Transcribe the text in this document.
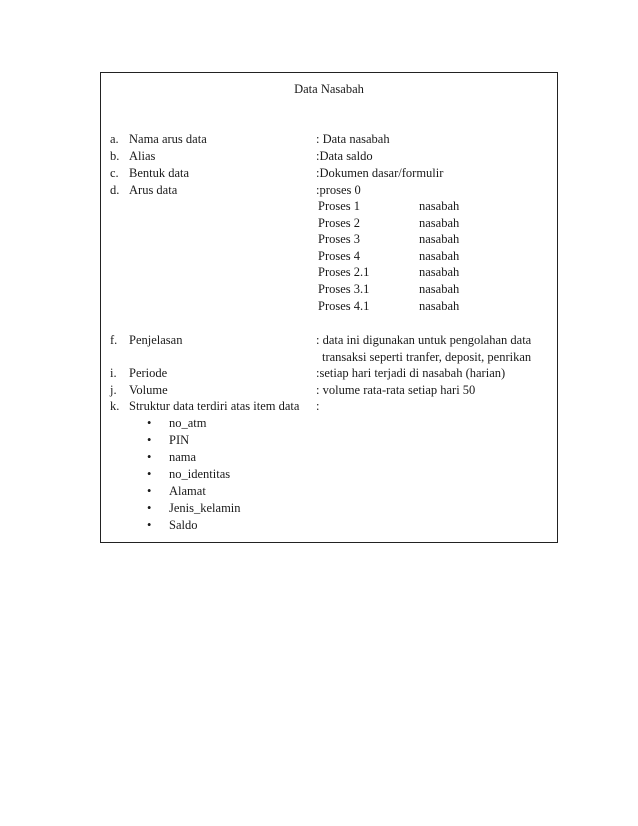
Data Nasabah
a. Nama arus data	: Data nasabah
b. Alias	:Data saldo
c. Bentuk data	:Dokumen dasar/formulir
d. Arus data	:proses 0
Proses 1	nasabah
Proses 2	nasabah
Proses 3	nasabah
Proses 4	nasabah
Proses 2.1	nasabah
Proses 3.1	nasabah
Proses 4.1	nasabah
f. Penjelasan	: data ini digunakan untuk pengolahan data
transaksi seperti tranfer, deposit, penrikan
i. Periode	:setiap hari terjadi di nasabah (harian)
j. Volume	: volume rata-rata setiap hari 50
k. Struktur data terdiri atas item data :
• no_atm
• PIN
• nama
• no_identitas
• Alamat
• Jenis_kelamin
• Saldo
